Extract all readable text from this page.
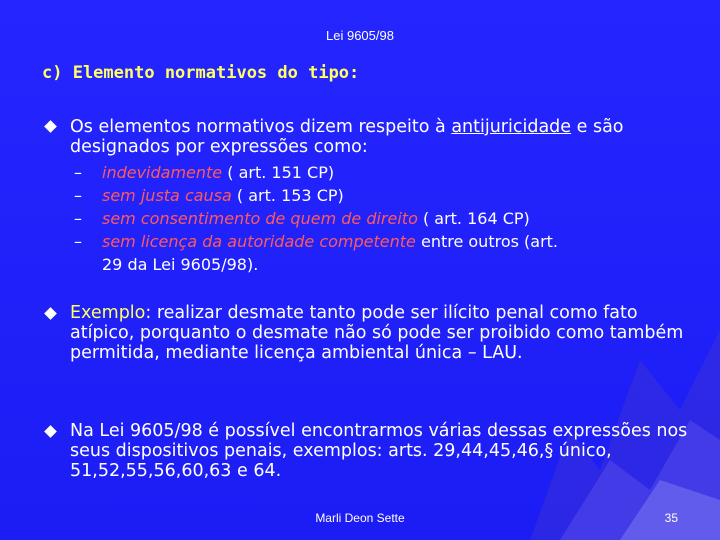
Lei 9605/98
c) Elemento normativos do tipo:
Os elementos normativos dizem respeito à antijuricidade e são designados por expressões como:
– indevidamente ( art. 151 CP)
– sem justa causa ( art. 153 CP)
– sem consentimento de quem de direito ( art. 164 CP)
– sem licença da autoridade competente entre outros (art.
29 da Lei 9605/98).
Exemplo: realizar desmate tanto pode ser ilícito penal como fato atípico, porquanto o desmate não só pode ser proibido como também permitida, mediante licença ambiental única – LAU.
Na Lei 9605/98 é possível encontrarmos várias dessas expressões nos seus dispositivos penais, exemplos: arts. 29,44,45,46,§ único, 51,52,55,56,60,63 e 64.
Marli Deon Sette	35
